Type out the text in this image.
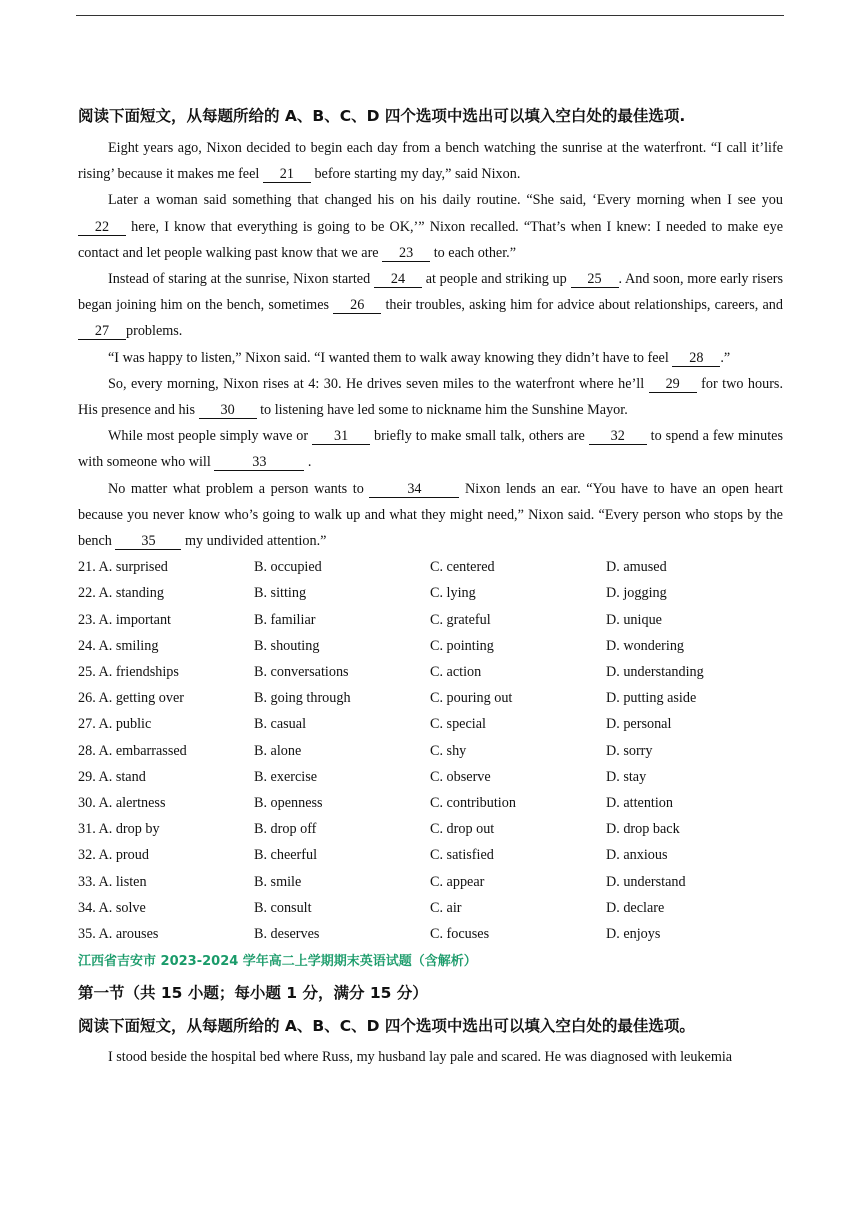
阅读下面短文，从每题所给的 A、B、C、D 四个选项中选出可以填入空白处的最佳选项.

Eight years ago, Nixon decided to begin each day from a bench watching the sunrise at the waterfront. “I call it’life rising’ because it makes me feel 21 before starting my day,” said Nixon.

Later a woman said something that changed his on his daily routine. “She said, ‘Every morning when I see you 22 here, I know that everything is going to be OK,’” Nixon recalled. “That’s when I knew: I needed to make eye contact and let people walking past know that we are 23 to each other.”

Instead of staring at the sunrise, Nixon started 24 at people and striking up 25 . And soon, more early risers began joining him on the bench, sometimes 26 their troubles, asking him for advice about relationships, careers, and 27 problems.

“I was happy to listen,” Nixon said. “I wanted them to walk away knowing they didn’t have to feel 28 .”

So, every morning, Nixon rises at 4: 30. He drives seven miles to the waterfront where he’ll 29 for two hours. His presence and his 30 to listening have led some to nickname him the Sunshine Mayor.

While most people simply wave or 31 briefly to make small talk, others are 32 to spend a few minutes with someone who will	33	.

No matter what problem a person wants to	34	Nixon lends an ear. “You have to have an open heart because you never know who’s going to walk up and what they might need,” Nixon said. “Every person who stops by the bench 35 my undivided attention.”

21. A. surprised	B. occupied	C. centered	D. amused
22. A. standing	B. sitting	C. lying	D. jogging
23. A. important	B. familiar	C. grateful	D. unique
24. A. smiling	B. shouting	C. pointing	D. wondering
25. A. friendships	B. conversations	C. action	D. understanding
26. A. getting over	B. going through	C. pouring out	D. putting aside
27. A. public	B. casual	C. special	D. personal
28. A. embarrassed	B. alone	C. shy	D. sorry
29. A. stand	B. exercise	C. observe	D. stay
30. A. alertness	B. openness	C. contribution	D. attention
31. A. drop by	B. drop off	C. drop out	D. drop back
32. A. proud	B. cheerful	C. satisfied	D. anxious
33. A. listen	B. smile	C. appear	D. understand
34. A. solve	B. consult	C. air	D. declare
35. A. arouses	B. deserves	C. focuses	D. enjoys

江西省吉安市 2023-2024 学年高二上学期期末英语试题（含解析）

第一节（共 15 小题；每小题 1 分，满分 15 分）

阅读下面短文，从每题所给的 A、B、C、D 四个选项中选出可以填入空白处的最佳选项。

I stood beside the hospital bed where Russ, my husband lay pale and scared. He was diagnosed with leukemia
